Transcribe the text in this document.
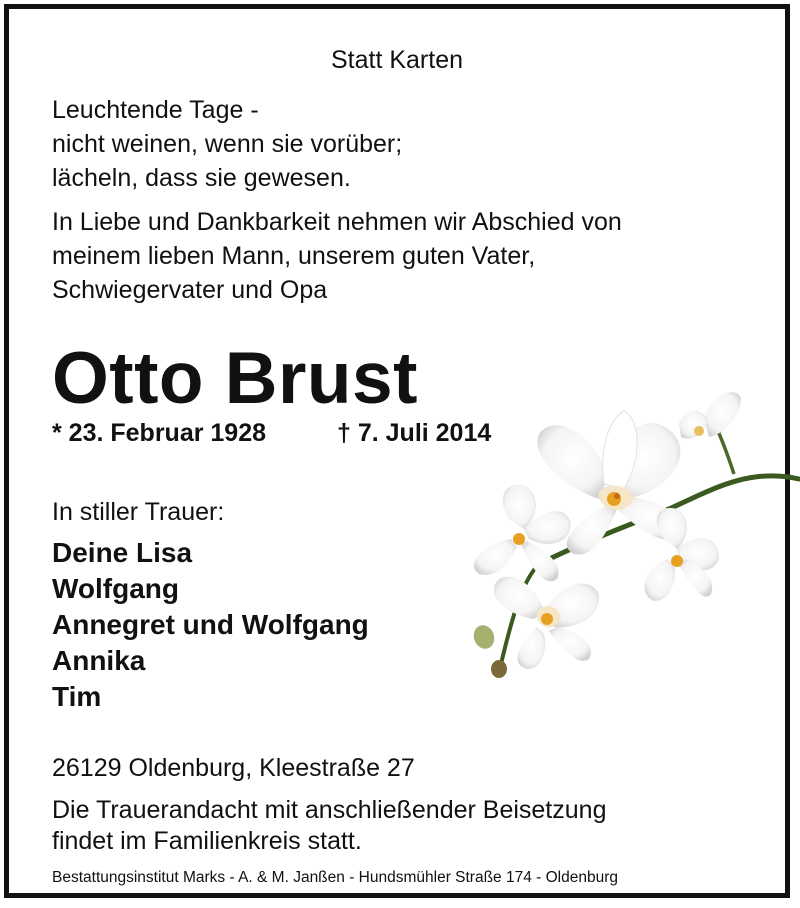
Statt Karten
Leuchtende Tage -
nicht weinen, wenn sie vorüber;
lächeln, dass sie gewesen.
In Liebe und Dankbarkeit nehmen wir Abschied von
meinem lieben Mann, unserem guten Vater,
Schwiegervater und Opa
Otto Brust
* 23. Februar 1928	† 7. Juli 2014
In stiller Trauer:
Deine Lisa
Wolfgang
Annegret und Wolfgang
Annika
Tim
26129 Oldenburg, Kleestraße 27
Die Trauerandacht mit anschließender Beisetzung
findet im Familienkreis statt.
Bestattungsinstitut Marks - A. & M. Janßen - Hundsmühler Straße 174 - Oldenburg
